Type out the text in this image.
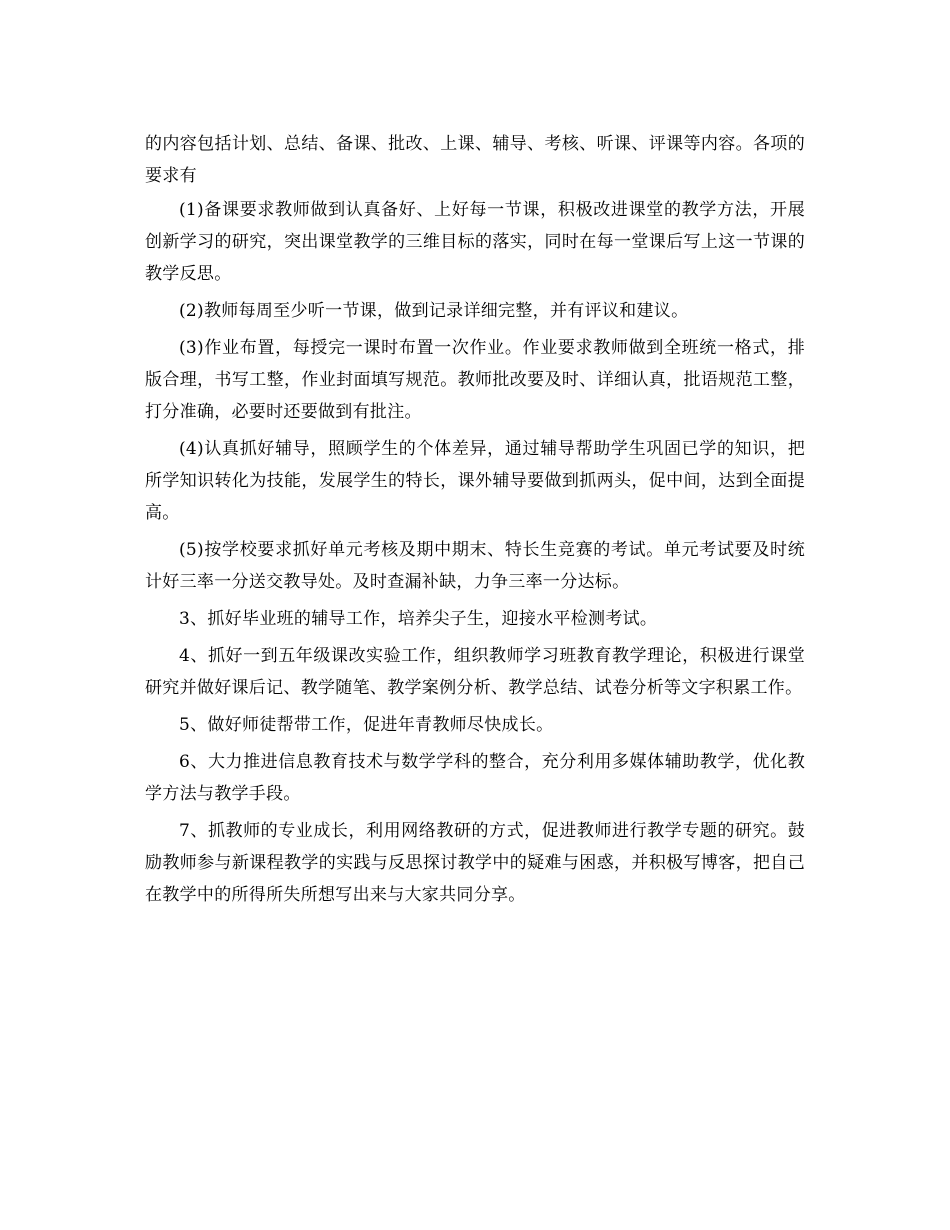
的内容包括计划、总结、备课、批改、上课、辅导、考核、听课、评课等内容。各项的要求有

(1)备课要求教师做到认真备好、上好每一节课，积极改进课堂的教学方法，开展创新学习的研究，突出课堂教学的三维目标的落实，同时在每一堂课后写上这一节课的教学反思。

(2)教师每周至少听一节课，做到记录详细完整，并有评议和建议。

(3)作业布置，每授完一课时布置一次作业。作业要求教师做到全班统一格式，排版合理，书写工整，作业封面填写规范。教师批改要及时、详细认真，批语规范工整，打分准确，必要时还要做到有批注。

(4)认真抓好辅导，照顾学生的个体差异，通过辅导帮助学生巩固已学的知识，把所学知识转化为技能，发展学生的特长，课外辅导要做到抓两头，促中间，达到全面提高。

(5)按学校要求抓好单元考核及期中期末、特长生竞赛的考试。单元考试要及时统计好三率一分送交教导处。及时查漏补缺，力争三率一分达标。

3、抓好毕业班的辅导工作，培养尖子生，迎接水平检测考试。

4、抓好一到五年级课改实验工作，组织教师学习班教育教学理论，积极进行课堂研究并做好课后记、教学随笔、教学案例分析、教学总结、试卷分析等文字积累工作。

5、做好师徒帮带工作，促进年青教师尽快成长。

6、大力推进信息教育技术与数学学科的整合，充分利用多媒体辅助教学，优化教学方法与教学手段。

7、抓教师的专业成长，利用网络教研的方式，促进教师进行教学专题的研究。鼓励教师参与新课程教学的实践与反思探讨教学中的疑难与困惑，并积极写博客，把自己在教学中的所得所失所想写出来与大家共同分享。
